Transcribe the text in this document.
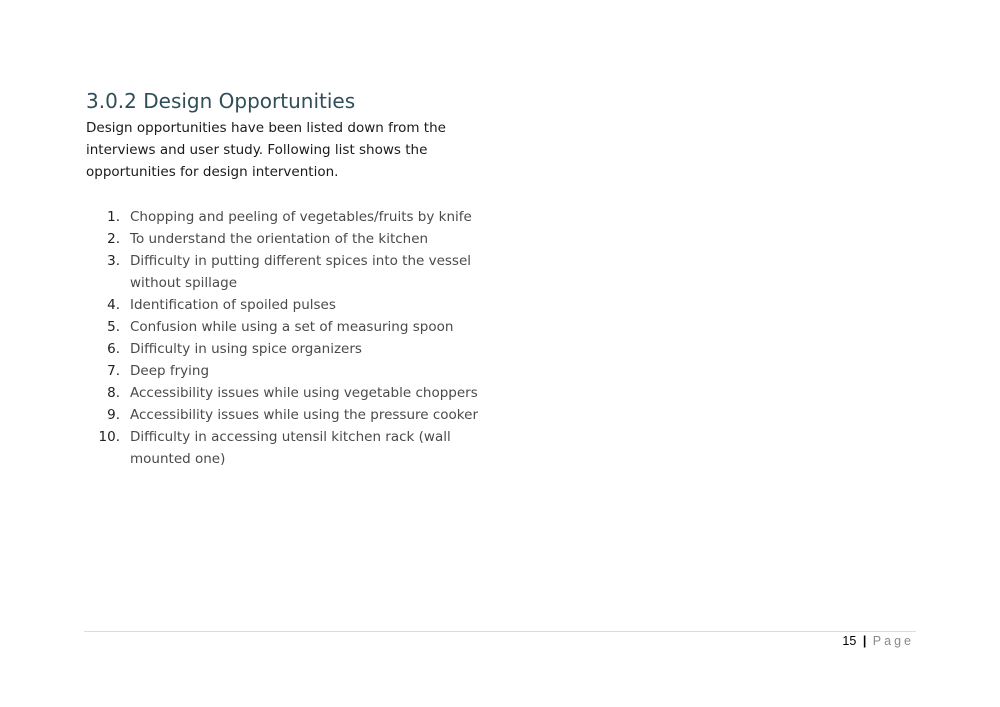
3.0.2 Design Opportunities

Design opportunities have been listed down from the
interviews and user study. Following list shows the
opportunities for design intervention.

1. Chopping and peeling of vegetables/fruits by knife
2. To understand the orientation of the kitchen
3. Difficulty in putting different spices into the vessel
without spillage
4. Identification of spoiled pulses
5. Confusion while using a set of measuring spoon
6. Difficulty in using spice organizers
7. Deep frying
8. Accessibility issues while using vegetable choppers
9. Accessibility issues while using the pressure cooker
10. Difficulty in accessing utensil kitchen rack (wall
mounted one)
15 | Page
